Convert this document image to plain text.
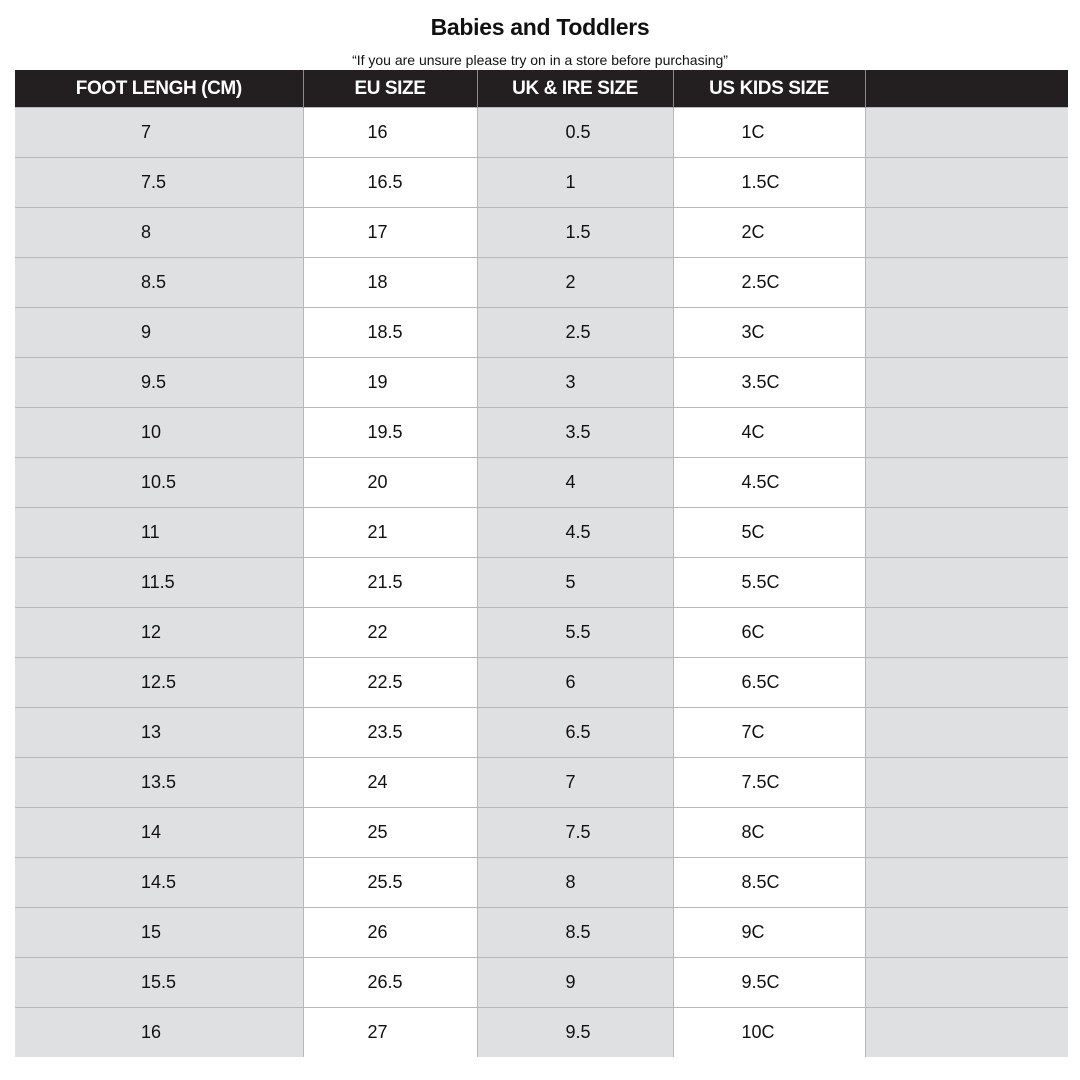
Babies and Toddlers
“If you are unsure please try on in a store before purchasing”
FOOT LENGH (CM)	EU SIZE	UK & IRE SIZE	US KIDS SIZE	
7	16	0.5	1C	
7.5	16.5	1	1.5C	
8	17	1.5	2C	
8.5	18	2	2.5C	
9	18.5	2.5	3C	
9.5	19	3	3.5C	
10	19.5	3.5	4C	
10.5	20	4	4.5C	
11	21	4.5	5C	
11.5	21.5	5	5.5C	
12	22	5.5	6C	
12.5	22.5	6	6.5C	
13	23.5	6.5	7C	
13.5	24	7	7.5C	
14	25	7.5	8C	
14.5	25.5	8	8.5C	
15	26	8.5	9C	
15.5	26.5	9	9.5C	
16	27	9.5	10C	
